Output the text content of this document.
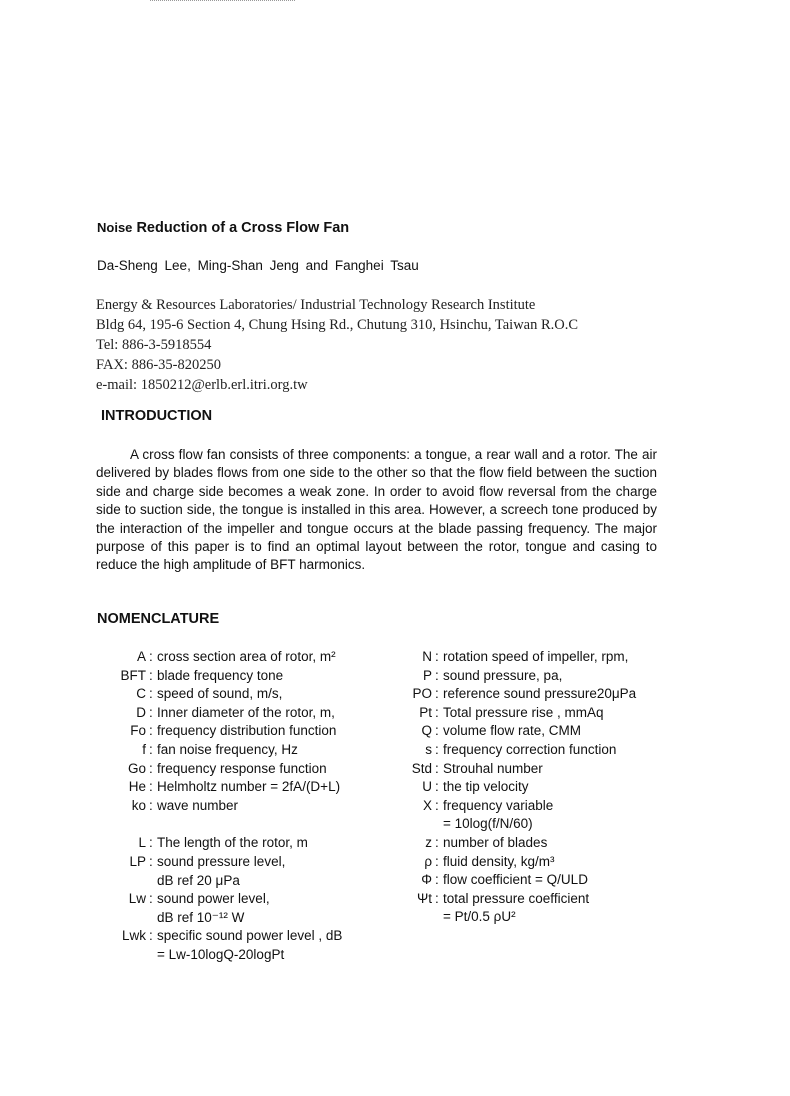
Noise Reduction of a Cross Flow Fan
Da-Sheng Lee, Ming-Shan Jeng and Fanghei Tsau
Energy & Resources Laboratories/ Industrial Technology Research Institute
Bldg 64, 195-6 Section 4, Chung Hsing Rd., Chutung 310, Hsinchu, Taiwan R.O.C
Tel: 886-3-5918554
FAX: 886-35-820250
e-mail: 1850212@erlb.erl.itri.org.tw
INTRODUCTION

A cross flow fan consists of three components: a tongue, a rear wall and a rotor. The air delivered by blades flows from one side to the other so that the flow field between the suction side and charge side becomes a weak zone. In order to avoid flow reversal from the charge side to suction side, the tongue is installed in this area. However, a screech tone produced by the interaction of the impeller and tongue occurs at the blade passing frequency. The major purpose of this paper is to find an optimal layout between the rotor, tongue and casing to reduce the high amplitude of BFT harmonics.

NOMENCLATURE
A : cross section area of rotor, m²
BFT : blade frequency tone
C : speed of sound, m/s,
D : Inner diameter of the rotor, m,
Fo : frequency distribution function
f : fan noise frequency, Hz
Go : frequency response function
He : Helmholtz number = 2fA/(D+L)
ko : wave number
L : The length of the rotor, m
LP : sound pressure level,
dB ref 20 μPa
Lw : sound power level,
dB ref 10⁻¹² W
Lwk : specific sound power level , dB
= Lw-10logQ-20logPt
N : rotation speed of impeller, rpm,
P : sound pressure, pa,
PO : reference sound pressure20μPa
Pt : Total pressure rise , mmAq
Q : volume flow rate, CMM
s : frequency correction function
Std : Strouhal number
U : the tip velocity
X : frequency variable
= 10log(f/N/60)
z : number of blades
ρ : fluid density, kg/m³
Φ : flow coefficient = Q/ULD
Ψt : total pressure coefficient
= Pt/0.5 ρU²
